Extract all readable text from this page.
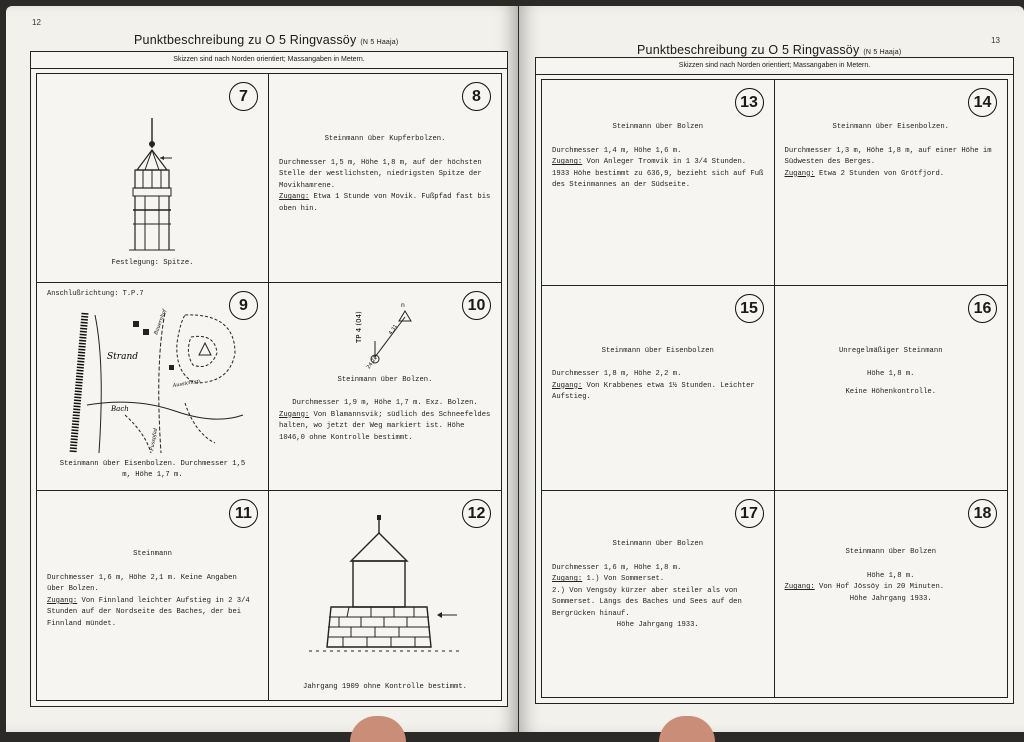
12
Punktbeschreibung zu O 5 Ringvassöy (N 5 Haaja)
Skizzen sind nach Norden orientiert; Massangaben in Metern.
7
Festlegung: Spitze.
8
Steinmann über Kupferbolzen.
Durchmesser 1,5 m, Höhe 1,8 m, auf der höchsten Stelle der westlichsten, niedrigsten Spitze der Movikhamrene.
Zugang: Etwa 1 Stunde von Movik. Fußpfad fast bis oben hin.
9
Anschlußrichtung: T.P.7
Strand
Bach
Bauernhof
Aussichtsp.
Fusspfad
Steinmann über Eisenbolzen. Durchmesser 1,5 m, Höhe 1,7 m.
10
TP 4 (04)	4,31
24,22
n
Steinmann über Bolzen.
Durchmesser 1,9 m, Höhe 1,7 m. Exz. Bolzen.
Zugang: Von Blamannsvik; südlich des Schneefeldes halten, wo jetzt der Weg markiert ist. Höhe 1046,0 ohne Kontrolle bestimmt.
11
Steinmann
Durchmesser 1,6 m, Höhe 2,1 m. Keine Angaben über Bolzen.
Zugang: Von Finnland leichter Aufstieg in 2 3/4 Stunden auf der Nordseite des Baches, der bei Finnland mündet.
12
Jahrgang 1909 ohne Kontrolle bestimmt.
13
Punktbeschreibung zu O 5 Ringvassöy (N 5 Haaja)
Skizzen sind nach Norden orientiert; Massangaben in Metern.
13
Steinmann über Bolzen
Durchmesser 1,4 m, Höhe 1,6 m.
Zugang: Von Anleger Tromvik in 1 3/4 Stunden.
1933 Höhe bestimmt zu 636,9, bezieht sich auf Fuß des Steinmannes an der Südseite.
14
Steinmann über Eisenbolzen.
Durchmesser 1,3 m, Höhe 1,8 m, auf einer Höhe im Südwesten des Berges.
Zugang: Etwa 2 Stunden von Grötfjord.
15
Steinmann über Eisenbolzen
Durchmesser 1,8 m, Höhe 2,2 m.
Zugang: Von Krabbenes etwa 1½ Stunden. Leichter Aufstieg.
16
Unregelmäßiger Steinmann
Höhe 1,8 m.
Keine Höhenkontrolle.
17
Steinmann über Bolzen
Durchmesser 1,6 m, Höhe 1,8 m.
Zugang: 1.) Von Sommerset.
2.) Von Vengsöy kürzer aber steiler als von Sommerset. Längs des Baches und Sees auf den Bergrücken hinauf.
Höhe Jahrgang 1933.
18
Steinmann über Bolzen
Höhe 1,8 m.
Zugang: Von Hof Jössöy in 20 Minuten.
Höhe Jahrgang 1933.
